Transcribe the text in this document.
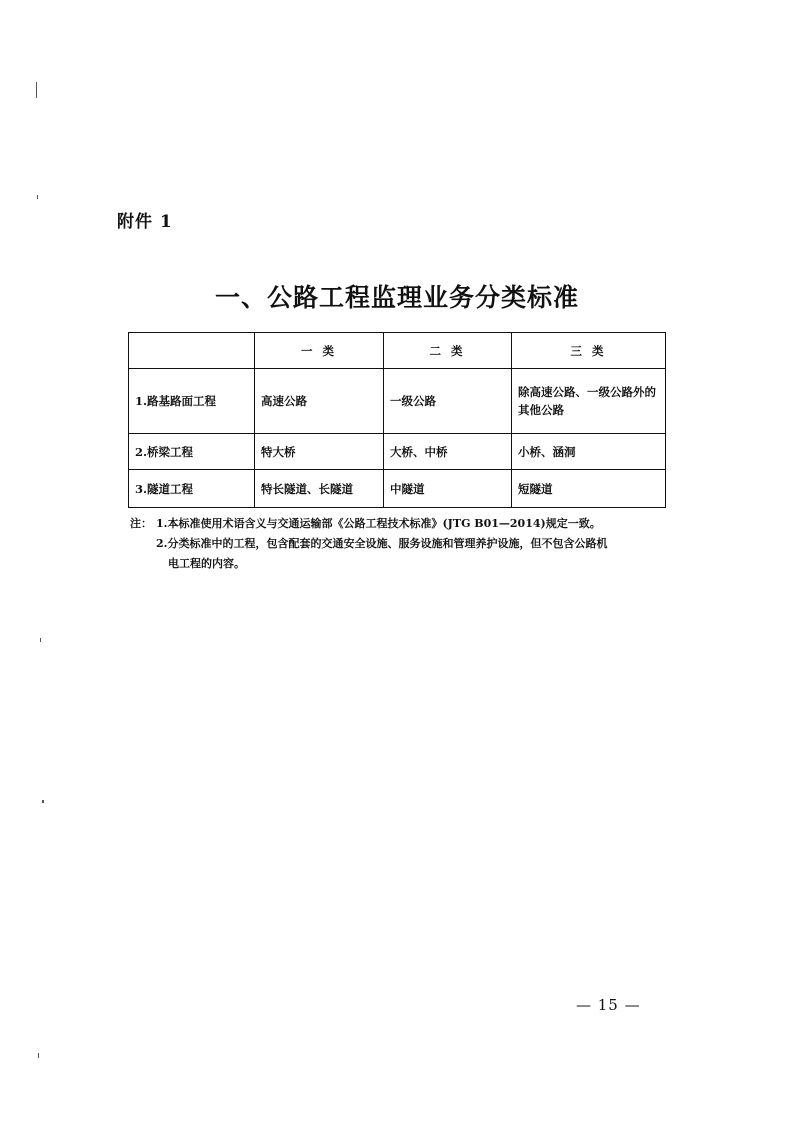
附件 1
一、公路工程监理业务分类标准
	一 类	二 类	三 类
1.路基路面工程	高速公路	一级公路	除高速公路、一级公路外的其他公路
2.桥梁工程	特大桥	大桥、中桥	小桥、涵洞
3.隧道工程	特长隧道、长隧道	中隧道	短隧道
注： 1.本标准使用术语含义与交通运输部《公路工程技术标准》(JTG B01—2014)规定一致。
2.分类标准中的工程，包含配套的交通安全设施、服务设施和管理养护设施，但不包含公路机
电工程的内容。
— 15 —
